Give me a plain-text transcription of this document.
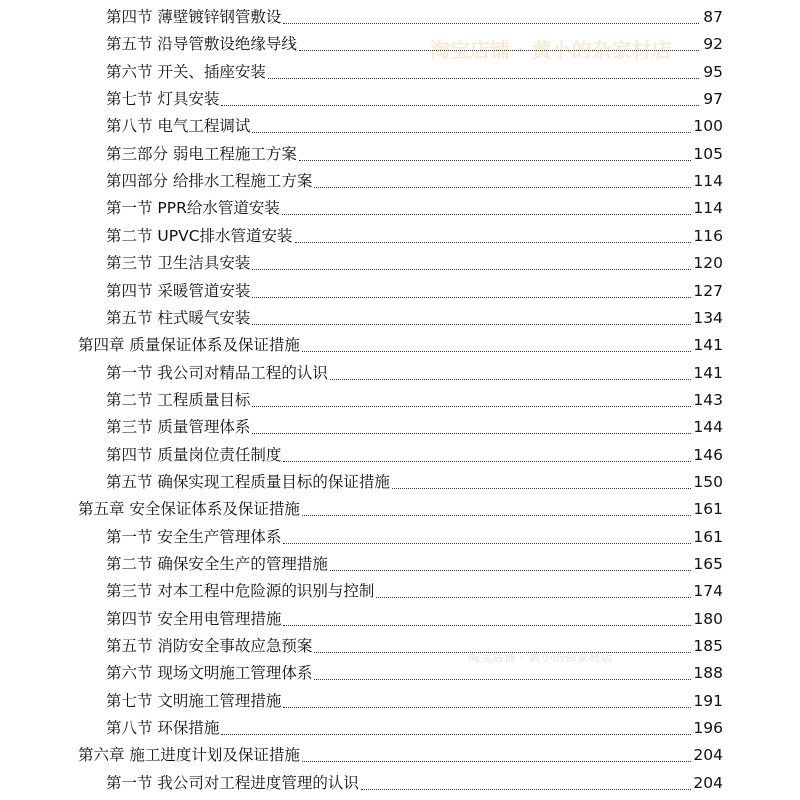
淘宝店铺 · 黄小的杂家材店
淘宝店铺 · 黄小的杂家材店
第四节 薄壁镀锌钢管敷设	87
第五节 沿导管敷设绝缘导线	92
第六节 开关、插座安装	95
第七节 灯具安装	97
第八节 电气工程调试	100
第三部分 弱电工程施工方案	105
第四部分 给排水工程施工方案	114
第一节 PPR给水管道安装	114
第二节 UPVC排水管道安装	116
第三节 卫生洁具安装	120
第四节 采暖管道安装	127
第五节 柱式暖气安装	134
第四章 质量保证体系及保证措施	141
第一节 我公司对精品工程的认识	141
第二节 工程质量目标	143
第三节 质量管理体系	144
第四节 质量岗位责任制度	146
第五节 确保实现工程质量目标的保证措施	150
第五章 安全保证体系及保证措施	161
第一节 安全生产管理体系	161
第二节 确保安全生产的管理措施	165
第三节 对本工程中危险源的识别与控制	174
第四节 安全用电管理措施	180
第五节 消防安全事故应急预案	185
第六节 现场文明施工管理体系	188
第七节 文明施工管理措施	191
第八节 环保措施	196
第六章 施工进度计划及保证措施	204
第一节 我公司对工程进度管理的认识	204
